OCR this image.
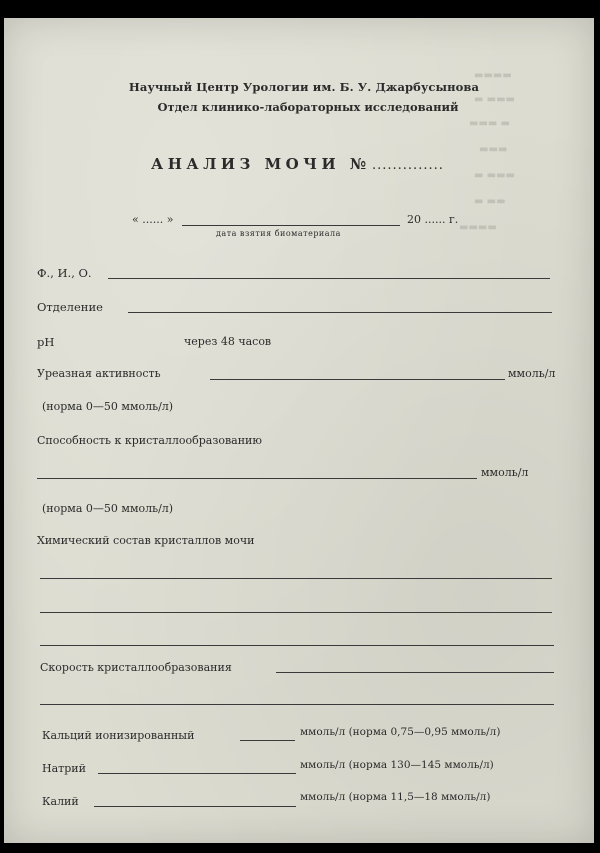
▬▬▬▬
▬ ▬▬▬
▬▬▬ ▬
▬▬▬
▬ ▬▬▬
▬ ▬▬
▬▬▬▬
Научный Центр Урологии им. Б. У. Джарбусынова
Отдел клинико-лабораторных исследований
АНАЛИЗ МОЧИ № ..............
« ...... »	20 ...... г.
дата взятия биоматериала
Ф., И., О.
Отделение
pH	через 48 часов
Уреазная активность	ммоль/л
(норма 0—50 ммоль/л)
Способность к кристаллообразованию
ммоль/л
(норма 0—50 ммоль/л)
Химический состав кристаллов мочи
Скорость кристаллообразования
Кальций ионизированный	ммоль/л (норма 0,75—0,95 ммоль/л)
Натрий	ммоль/л (норма 130—145 ммоль/л)
Калий	ммоль/л (норма 11,5—18 ммоль/л)
